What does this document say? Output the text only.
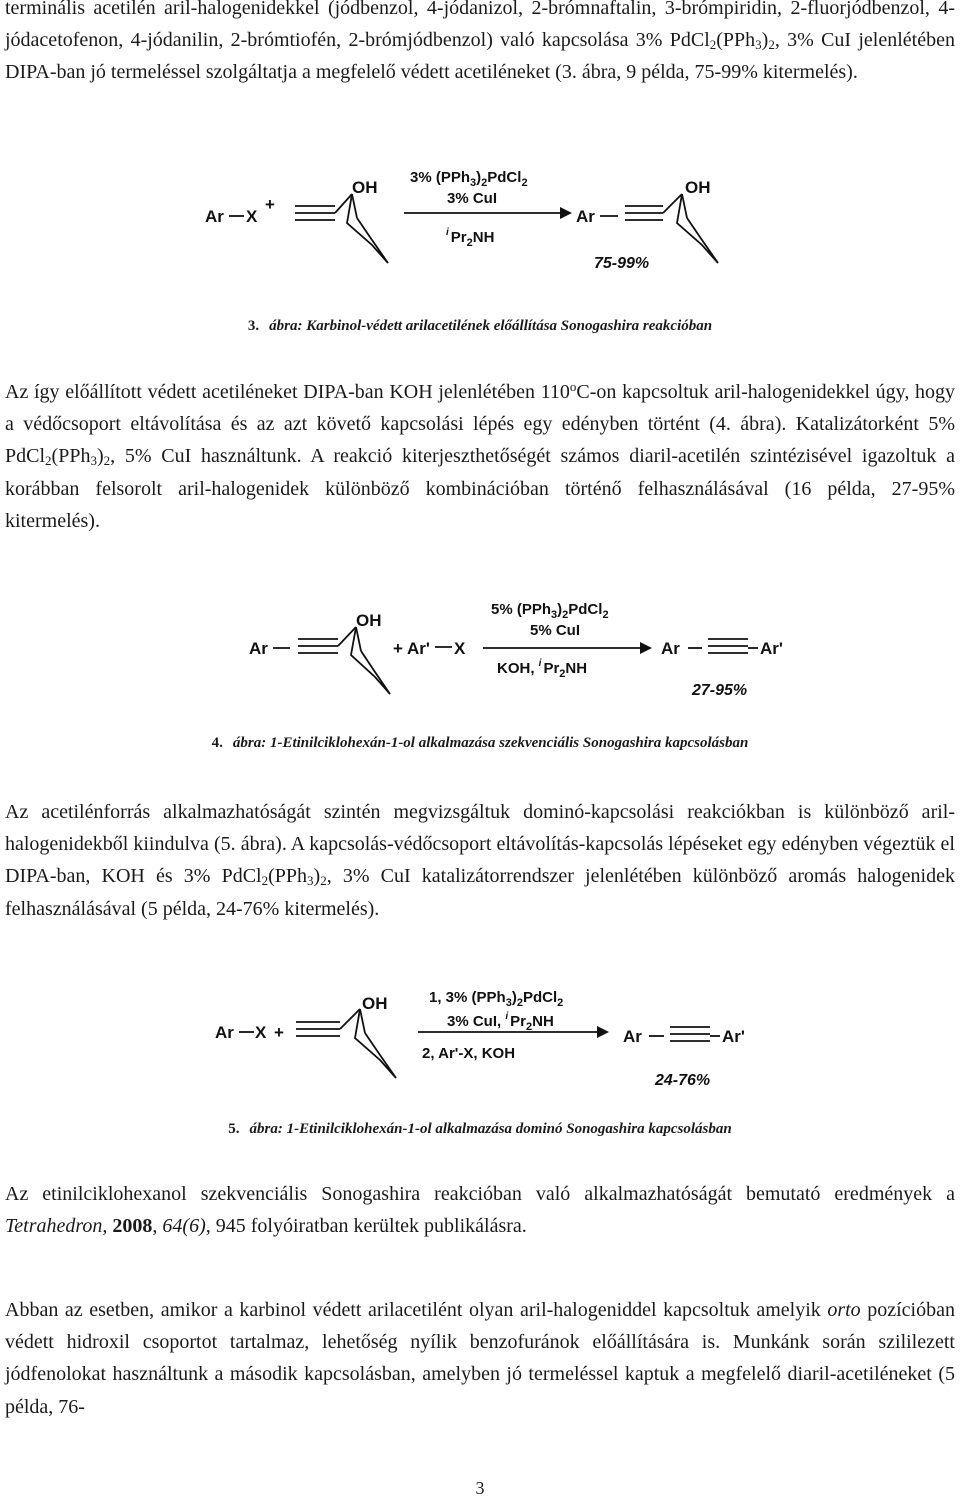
terminális acetilén aril-halogenidekkel (jódbenzol, 4-jódanizol, 2-brómnaftalin, 3-brómpiridin, 2-fluorjódbenzol, 4-jódacetofenon, 4-jódanilin, 2-brómtiofén, 2-brómjódbenzol) való kapcsolása 3% $PdCl_2(PPh_3)_2$, 3% CuI jelenlétében DIPA-ban jó termeléssel szolgáltatja a megfelelő védett acetiléneket (3. ábra, 9 példa, 75-99% kitermelés).

Ar X
+
OH
3% $(PPh_3)_2PdCl_2$
3% CuI
$^i$ $Pr_2NH$
Ar
OH
75-99%

3. ábra: Karbinol-védett arilacetilének előállítása Sonogashira reakcióban

Az így előállított védett acetiléneket DIPA-ban KOH jelenlétében 110$^o$C-on kapcsoltuk aril-halogenidekkel úgy, hogy a védőcsoport eltávolítása és az azt követő kapcsolási lépés egy edényben történt (4. ábra). Katalizátorként 5% $PdCl_2(PPh_3)_2$, 5% CuI használtunk. A reakció kiterjeszthetőségét számos diaril-acetilén szintézisével igazoltuk a korábban felsorolt aril-halogenidek különböző kombinációban történő felhasználásával (16 példa, 27-95% kitermelés).

Ar
OH
+ Ar' X
5% $(PPh_3)_2PdCl_2$
5% CuI
KOH, $^i$ $Pr_2NH$
Ar	Ar'
27-95%

4. ábra: 1-Etinilciklohexán-1-ol alkalmazása szekvenciális Sonogashira kapcsolásban

Az acetilénforrás alkalmazhatóságát szintén megvizsgáltuk dominó-kapcsolási reakciókban is különböző aril-halogenidekből kiindulva (5. ábra). A kapcsolás-védőcsoport eltávolítás-kapcsolás lépéseket egy edényben végeztük el DIPA-ban, KOH és 3% $PdCl_2(PPh_3)_2$, 3% CuI katalizátorrendszer jelenlétében különböző aromás halogenidek felhasználásával (5 példa, 24-76% kitermelés).

Ar X +
OH	1, 3% $(PPh_3)_2PdCl_2$
3% CuI, $^i$ $Pr_2NH$
2, Ar'-X, KOH
Ar	Ar'
24-76%

5. ábra: 1-Etinilciklohexán-1-ol alkalmazása dominó Sonogashira kapcsolásban

Az etinilciklohexanol szekvenciális Sonogashira reakcióban való alkalmazhatóságát bemutató eredmények a Tetrahedron, 2008, 64(6), 945 folyóiratban kerültek publikálásra.

Abban az esetben, amikor a karbinol védett arilacetilént olyan aril-halogeniddel kapcsoltuk amelyik orto pozícióban védett hidroxil csoportot tartalmaz, lehetőség nyílik benzofuránok előállítására is. Munkánk során szililezett jódfenolokat használtunk a második kapcsolásban, amelyben jó termeléssel kaptuk a megfelelő diaril-acetiléneket (5 példa, 76-

3
